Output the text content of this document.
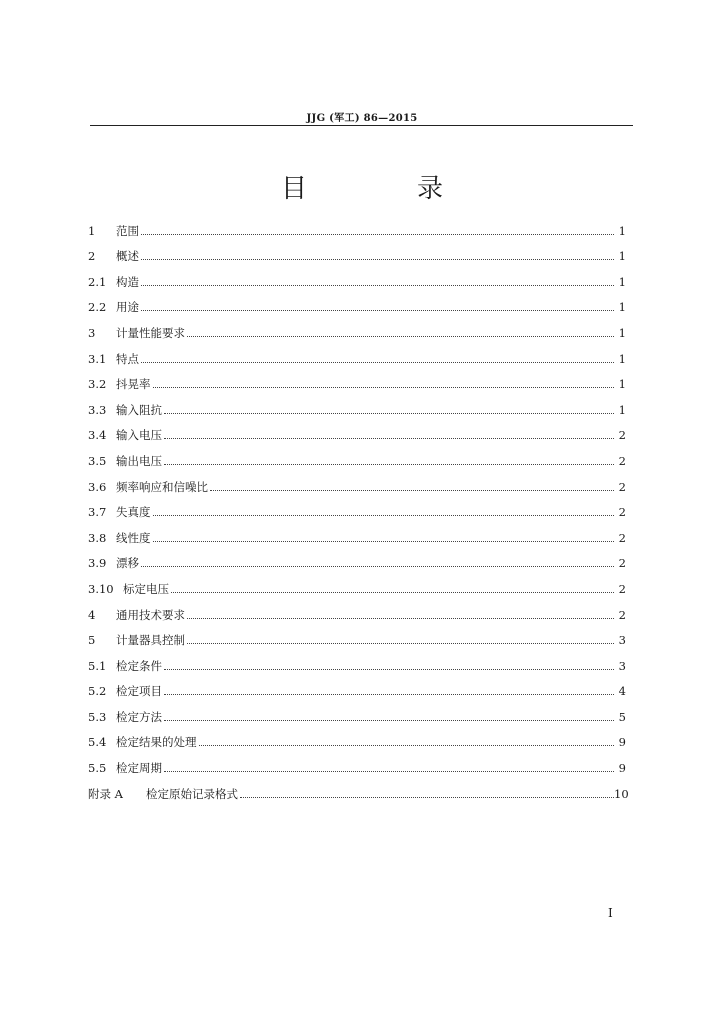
JJG (军工) 86—2015
目　录
1	范围	1
2	概述	1
2.1 构造	1
2.2 用途	1
3	计量性能要求	1
3.1 特点	1
3.2 抖晃率	1
3.3 输入阻抗	1
3.4 输入电压	2
3.5 输出电压	2
3.6 频率响应和信噪比	2
3.7 失真度	2
3.8 线性度	2
3.9 漂移	2
3.10 标定电压	2
4	通用技术要求	2
5	计量器具控制	3
5.1 检定条件	3
5.2 检定项目	4
5.3 检定方法	5
5.4 检定结果的处理	9
5.5 检定周期	9
附录 A	检定原始记录格式	10
I
